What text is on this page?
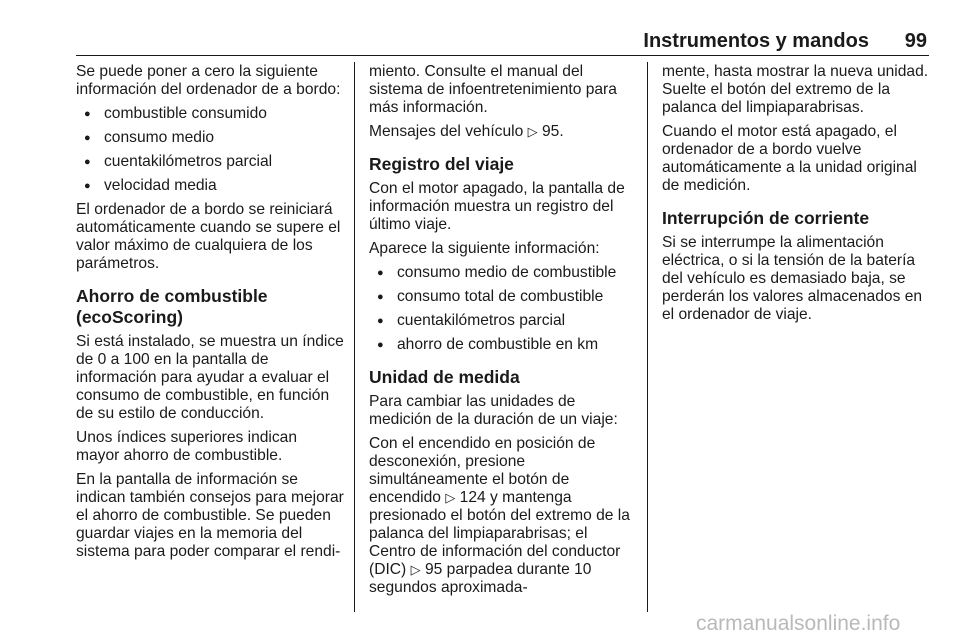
Instrumentos y mandos 99

Se puede poner a cero la siguiente información del ordenador de a bordo:

● combustible consumido
● consumo medio
● cuentakilómetros parcial
● velocidad media

El ordenador de a bordo se reiniciará automáticamente cuando se supere el valor máximo de cualquiera de los parámetros.

Ahorro de combustible
(ecoScoring)

Si está instalado, se muestra un índice de 0 a 100 en la pantalla de información para ayudar a evaluar el consumo de combustible, en función de su estilo de conducción.

Unos índices superiores indican mayor ahorro de combustible.

En la pantalla de información se indican también consejos para mejorar el ahorro de combustible. Se pueden guardar viajes en la memoria del sistema para poder comparar el rendi-

miento. Consulte el manual del sistema de infoentretenimiento para más información.

Mensajes del vehículo ▷ 95.

Registro del viaje

Con el motor apagado, la pantalla de información muestra un registro del último viaje.

Aparece la siguiente información:

● consumo medio de combustible
● consumo total de combustible
● cuentakilómetros parcial
● ahorro de combustible en km
Unidad de medida

Para cambiar las unidades de medición de la duración de un viaje:

Con el encendido en posición de desconexión, presione simultáneamente el botón de encendido ▷ 124 y mantenga presionado el botón del extremo de la palanca del limpiaparabrisas; el Centro de información del conductor (DIC) ▷ 95 parpadea durante 10 segundos aproximada-

mente, hasta mostrar la nueva unidad. Suelte el botón del extremo de la palanca del limpiaparabrisas.

Cuando el motor está apagado, el ordenador de a bordo vuelve automáticamente a la unidad original de medición.

Interrupción de corriente

Si se interrumpe la alimentación eléctrica, o si la tensión de la batería del vehículo es demasiado baja, se perderán los valores almacenados en el ordenador de viaje.

carmanualsonline.info
